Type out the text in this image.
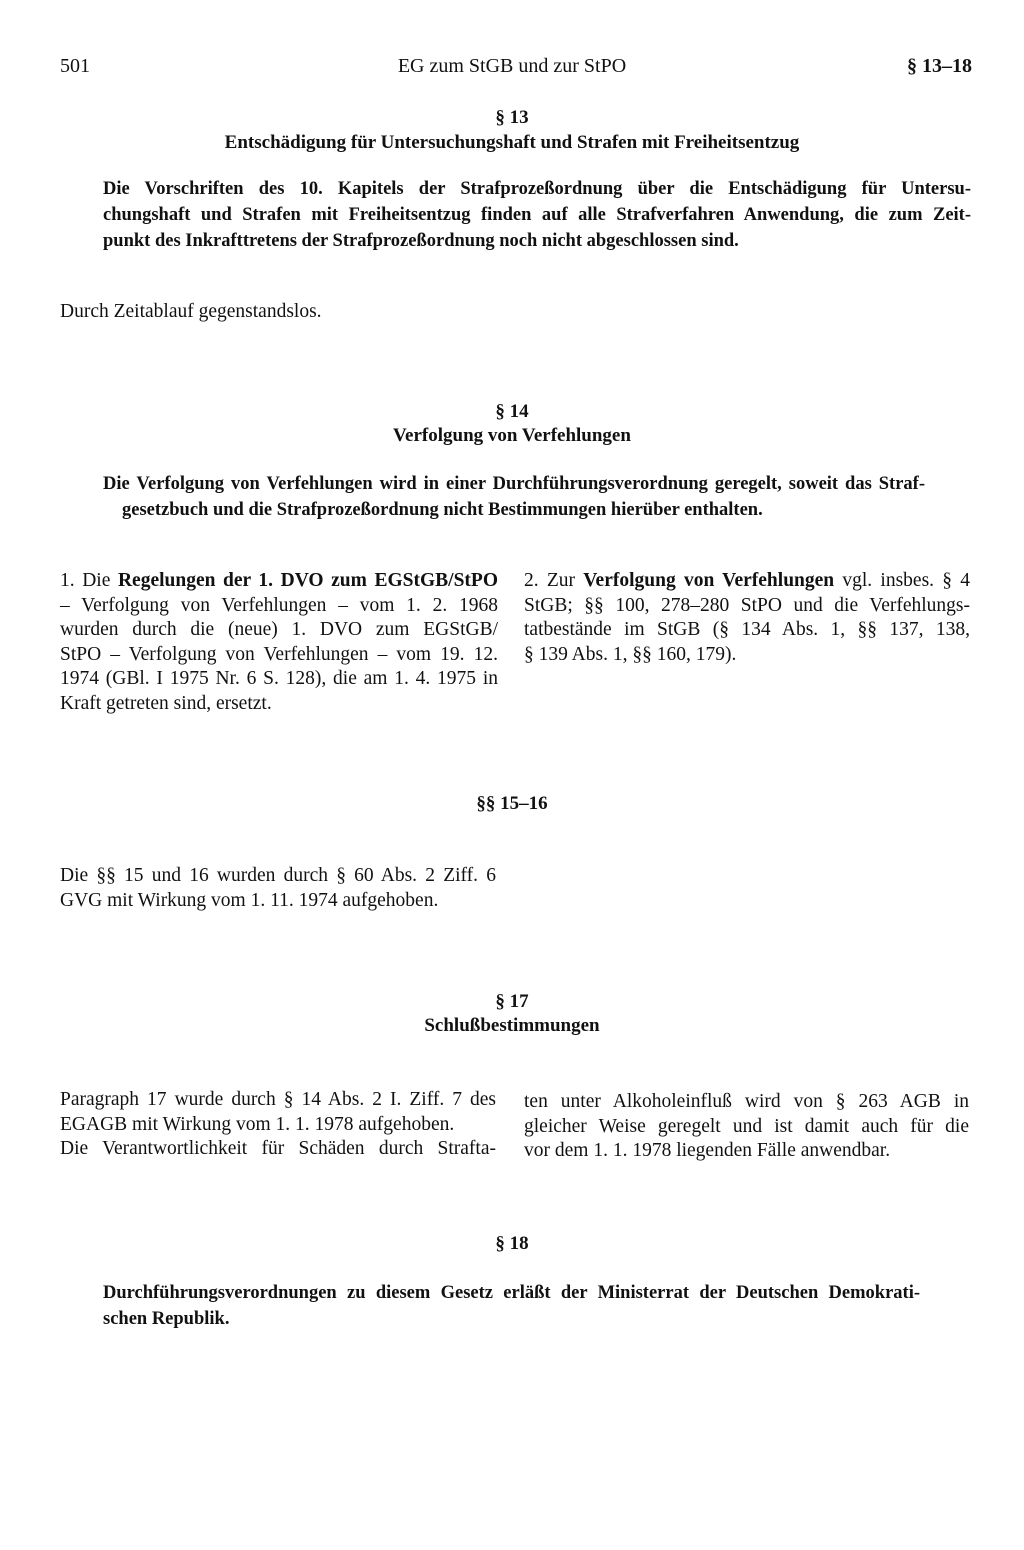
501	EG zum StGB und zur StPO	§ 13–18
§ 13
Entschädigung für Untersuchungshaft und Strafen mit Freiheitsentzug
Die Vorschriften des 10. Kapitels der Strafprozeßordnung über die Entschädigung für Untersu-
chungshaft und Strafen mit Freiheitsentzug finden auf alle Strafverfahren Anwendung, die zum Zeit-
punkt des Inkrafttretens der Strafprozeßordnung noch nicht abgeschlossen sind.
Durch Zeitablauf gegenstandslos.
§ 14
Verfolgung von Verfehlungen
Die Verfolgung von Verfehlungen wird in einer Durchführungsverordnung geregelt, soweit das Straf-
gesetzbuch und die Strafprozeßordnung nicht Bestimmungen hierüber enthalten.
1. Die Regelungen der 1. DVO zum EGStGB/StPO
– Verfolgung von Verfehlungen – vom 1. 2. 1968
wurden durch die (neue) 1. DVO zum EGStGB/
StPO – Verfolgung von Verfehlungen – vom 19. 12.
1974 (GBl. I 1975 Nr. 6 S. 128), die am 1. 4. 1975 in
Kraft getreten sind, ersetzt.
2. Zur Verfolgung von Verfehlungen vgl. insbes. § 4
StGB; §§ 100, 278–280 StPO und die Verfehlungs-
tatbestände im StGB (§ 134 Abs. 1, §§ 137, 138,
§ 139 Abs. 1, §§ 160, 179).
§§ 15–16
Die §§ 15 und 16 wurden durch § 60 Abs. 2 Ziff. 6
GVG mit Wirkung vom 1. 11. 1974 aufgehoben.
§ 17
Schlußbestimmungen
Paragraph 17 wurde durch § 14 Abs. 2 I. Ziff. 7 des
EGAGB mit Wirkung vom 1. 1. 1978 aufgehoben.
Die Verantwortlichkeit für Schäden durch Strafta-
ten unter Alkoholeinfluß wird von § 263 AGB in
gleicher Weise geregelt und ist damit auch für die
vor dem 1. 1. 1978 liegenden Fälle anwendbar.
§ 18
Durchführungsverordnungen zu diesem Gesetz erläßt der Ministerrat der Deutschen Demokrati-
schen Republik.
